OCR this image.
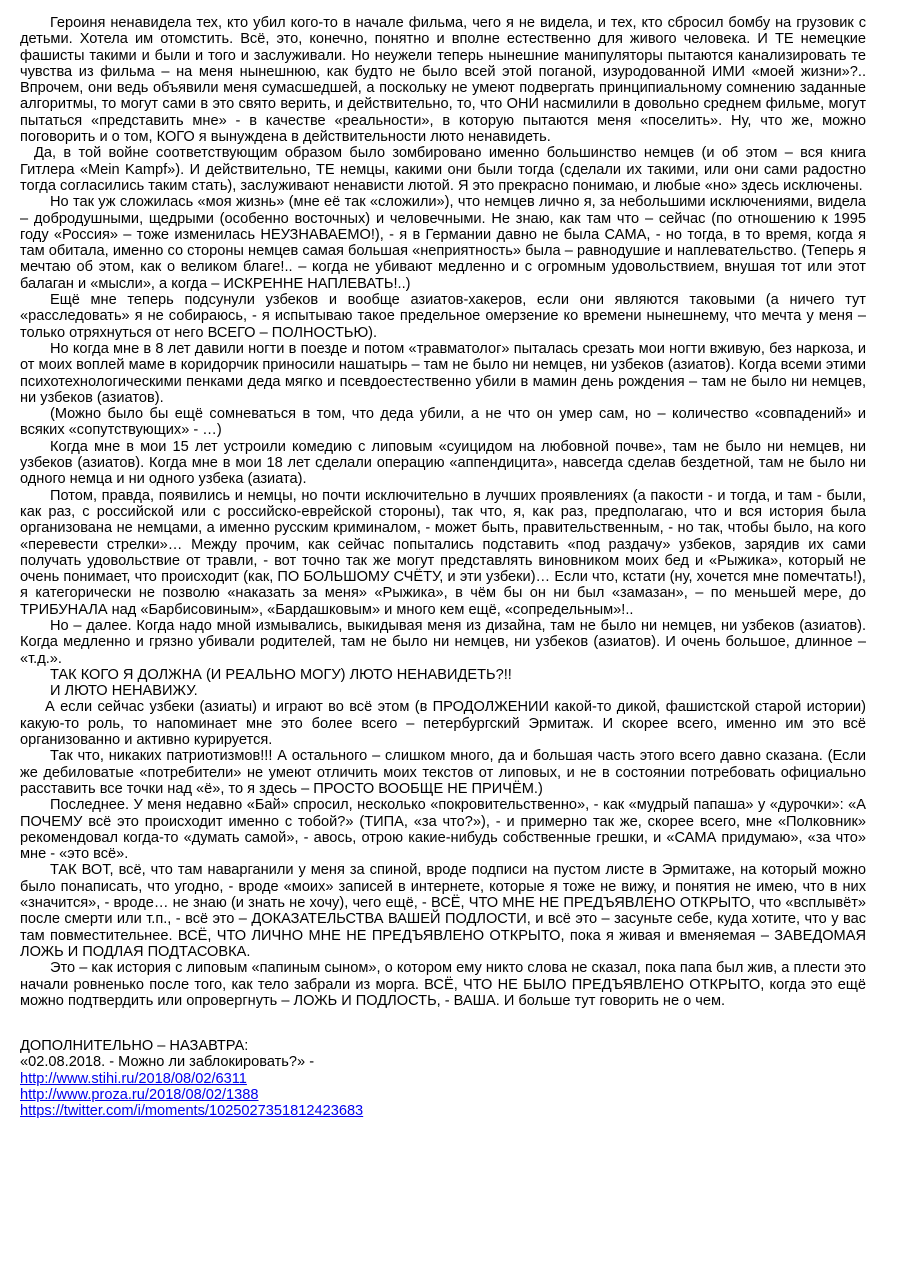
Героиня ненавидела тех, кто убил кого-то в начале фильма, чего я не видела, и тех, кто сбросил бомбу на грузовик с детьми. Хотела им отомстить. Всё, это, конечно, понятно и вполне естественно для живого человека. И ТЕ немецкие фашисты такими и были и того и заслуживали. Но неужели теперь нынешние манипуляторы пытаются канализировать те чувства из фильма – на меня нынешнюю, как будто не было всей этой поганой, изуродованной ИМИ «моей жизни»?.. Впрочем, они ведь объявили меня сумасшедшей, а поскольку не умеют подвергать принципиальному сомнению заданные алгоритмы, то могут сами в это свято верить, и действительно, то, что ОНИ насмилили в довольно среднем фильме, могут пытаться «представить мне» - в качестве «реальности», в которую пытаются меня «поселить». Ну, что же, можно поговорить и о том, КОГО я вынуждена в действительности люто ненавидеть.

Да, в той войне соответствующим образом было зомбировано именно большинство немцев (и об этом – вся книга Гитлера «Mein Kampf»). И действительно, ТЕ немцы, какими они были тогда (сделали их такими, или они сами радостно тогда согласились таким стать), заслуживают ненависти лютой. Я это прекрасно понимаю, и любые «но» здесь исключены.

Но так уж сложилась «моя жизнь» (мне её так «сложили»), что немцев лично я, за небольшими исключениями, видела – добродушными, щедрыми (особенно восточных) и человечными. Не знаю, как там что – сейчас (по отношению к 1995 году «Россия» – тоже изменилась НЕУЗНАВАЕМО!), - я в Германии давно не была САМА, - но тогда, в то время, когда я там обитала, именно со стороны немцев самая большая «неприятность» была – равнодушие и наплевательство. (Теперь я мечтаю об этом, как о великом благе!.. – когда не убивают медленно и с огромным удовольствием, внушая тот или этот балаган и «мысли», а когда – ИСКРЕННЕ НАПЛЕВАТЬ!..)

Ещё мне теперь подсунули узбеков и вообще азиатов-хакеров, если они являются таковыми (а ничего тут «расследовать» я не собираюсь, - я испытываю такое предельное омерзение ко времени нынешнему, что мечта у меня – только отряхнуться от него ВСЕГО – ПОЛНОСТЬЮ).

Но когда мне в 8 лет давили ногти в поезде и потом «травматолог» пыталась срезать мои ногти вживую, без наркоза, и от моих воплей маме в коридорчик приносили нашатырь – там не было ни немцев, ни узбеков (азиатов). Когда всеми этими психотехнологическими пенками деда мягко и псевдоестественно убили в мамин день рождения – там не было ни немцев, ни узбеков (азиатов).

(Можно было бы ещё сомневаться в том, что деда убили, а не что он умер сам, но – количество «совпадений» и всяких «сопутствующих» - …)

Когда мне в мои 15 лет устроили комедию с липовым «суицидом на любовной почве», там не было ни немцев, ни узбеков (азиатов). Когда мне в мои 18 лет сделали операцию «аппендицита», навсегда сделав бездетной, там не было ни одного немца и ни одного узбека (азиата).

Потом, правда, появились и немцы, но почти исключительно в лучших проявлениях (а пакости - и тогда, и там - были, как раз, с российской или с российско-еврейской стороны), так что, я, как раз, предполагаю, что и вся история была организована не немцами, а именно русским криминалом, - может быть, правительственным, - но так, чтобы было, на кого «перевести стрелки»… Между прочим, как сейчас попытались подставить «под раздачу» узбеков, зарядив их сами получать удовольствие от травли, - вот точно так же могут представлять виновником моих бед и «Рыжика», который не очень понимает, что происходит (как, ПО БОЛЬШОМУ СЧЁТУ, и эти узбеки)… Если что, кстати (ну, хочется мне помечтать!), я категорически не позволю «наказать за меня» «Рыжика», в чём бы он ни был «замазан», – по меньшей мере, до ТРИБУНАЛА над «Барбисовиным», «Бардашковым» и много кем ещё, «сопредельным»!..

Но – далее. Когда надо мной измывались, выкидывая меня из дизайна, там не было ни немцев, ни узбеков (азиатов). Когда медленно и грязно убивали родителей, там не было ни немцев, ни узбеков (азиатов). И очень большое, длинное – «т.д.».

ТАК КОГО Я ДОЛЖНА (И РЕАЛЬНО МОГУ) ЛЮТО НЕНАВИДЕТЬ?!!

И ЛЮТО НЕНАВИЖУ.

А если сейчас узбеки (азиаты) и играют во всё этом (в ПРОДОЛЖЕНИИ какой-то дикой, фашистской старой истории) какую-то роль, то напоминает мне это более всего – петербургский Эрмитаж. И скорее всего, именно им это всё организованно и активно курируется.

Так что, никаких патриотизмов!!! А остального – слишком много, да и большая часть этого всего давно сказана. (Если же дебиловатые «потребители» не умеют отличить моих текстов от липовых, и не в состоянии потребовать официально расставить все точки над «ё», то я здесь – ПРОСТО ВООБЩЕ НЕ ПРИЧЁМ.)

Последнее. У меня недавно «Бай» спросил, несколько «покровительственно», - как «мудрый папаша» у «дурочки»: «А ПОЧЕМУ всё это происходит именно с тобой?» (ТИПА, «за что?»), - и примерно так же, скорее всего, мне «Полковник» рекомендовал когда-то «думать самой», - авось, отрою какие-нибудь собственные грешки, и «САМА придумаю», «за что» мне - «это всё».

ТАК ВОТ, всё, что там наварганили у меня за спиной, вроде подписи на пустом листе в Эрмитаже, на который можно было понаписать, что угодно, - вроде «моих» записей в интернете, которые я тоже не вижу, и понятия не имею, что в них «значится», - вроде… не знаю (и знать не хочу), чего ещё, - ВСЁ, ЧТО МНЕ НЕ ПРЕДЪЯВЛЕНО ОТКРЫТО, что «всплывёт» после смерти или т.п., - всё это – ДОКАЗАТЕЛЬСТВА ВАШЕЙ ПОДЛОСТИ, и всё это – засуньте себе, куда хотите, что у вас там повместительнее. ВСЁ, ЧТО ЛИЧНО МНЕ НЕ ПРЕДЪЯВЛЕНО ОТКРЫТО, пока я живая и вменяемая – ЗАВЕДОМАЯ ЛОЖЬ И ПОДЛАЯ ПОДТАСОВКА.

Это – как история с липовым «папиным сыном», о котором ему никто слова не сказал, пока папа был жив, а плести это начали ровненько после того, как тело забрали из морга. ВСЁ, ЧТО НЕ БЫЛО ПРЕДЪЯВЛЕНО ОТКРЫТО, когда это ещё можно подтвердить или опровергнуть – ЛОЖЬ И ПОДЛОСТЬ, - ВАША. И больше тут говорить не о чем.

ДОПОЛНИТЕЛЬНО – НАЗАВТРА:

«02.08.2018. - Можно ли заблокировать?» -

http://www.stihi.ru/2018/08/02/6311

http://www.proza.ru/2018/08/02/1388

https://twitter.com/i/moments/1025027351812423683
